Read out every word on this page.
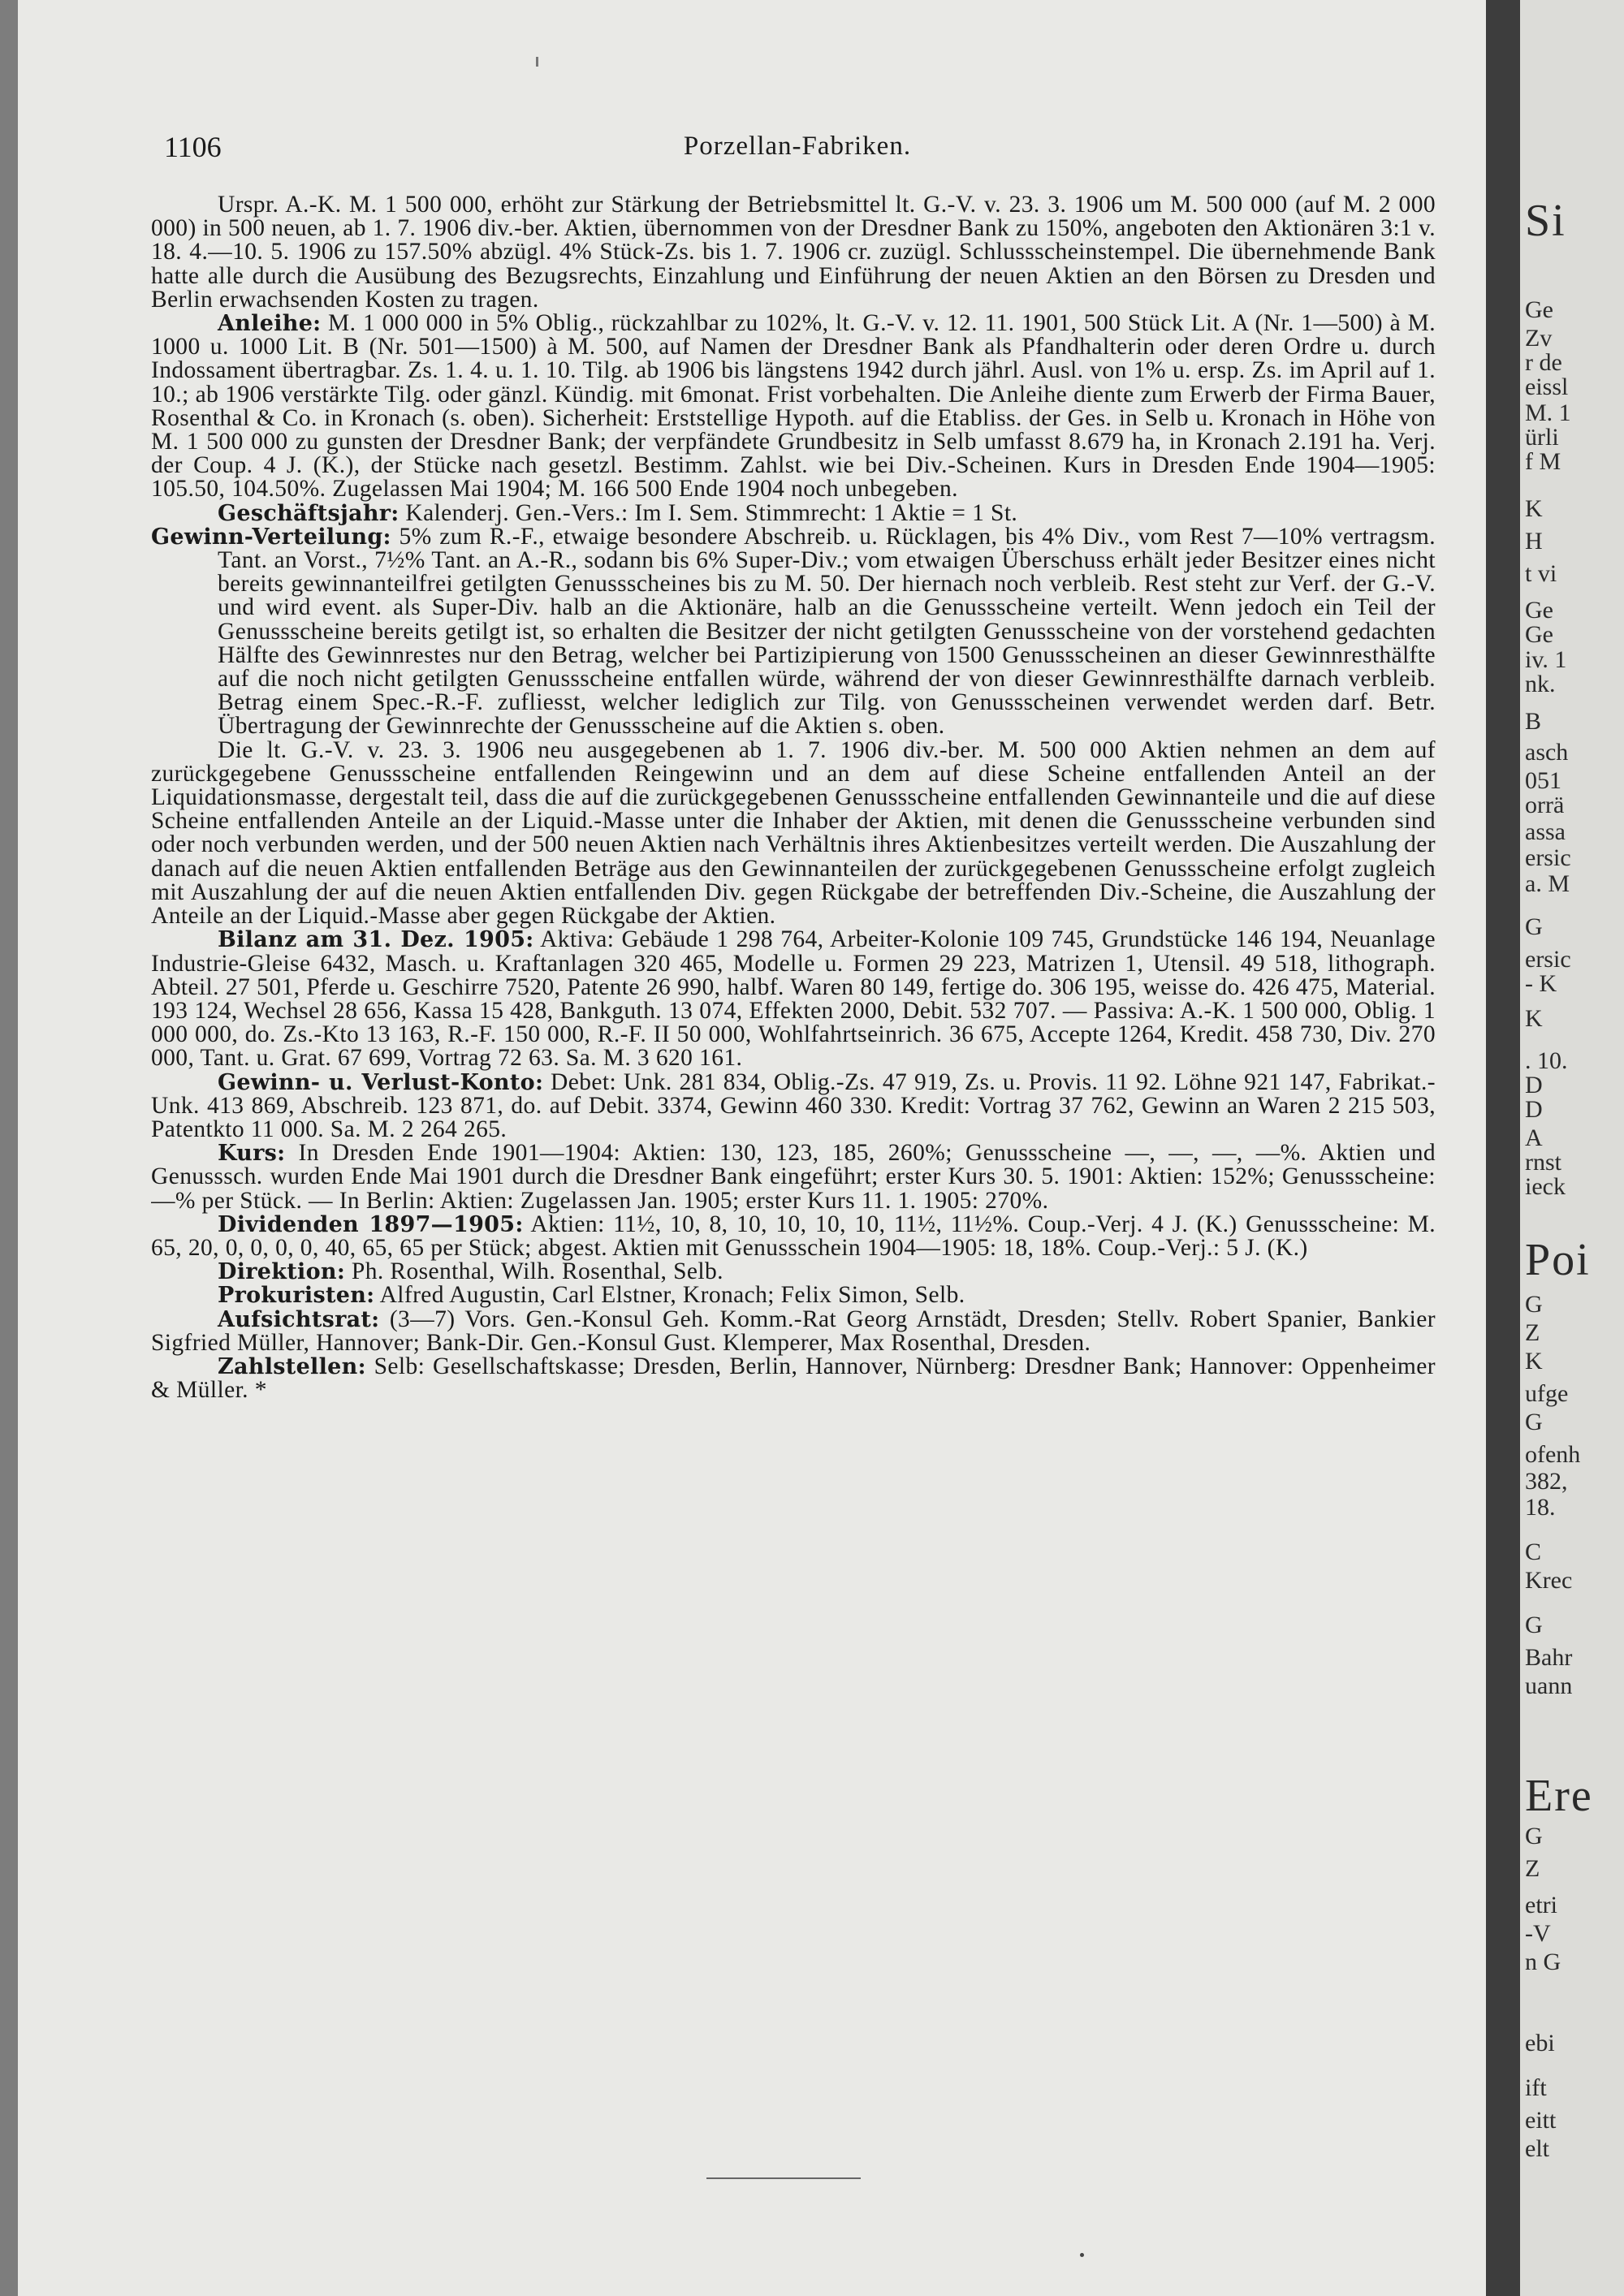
1106	Porzellan-Fabriken.

Urspr. A.-K. M. 1 500 000, erhöht zur Stärkung der Betriebsmittel lt. G.-V. v. 23. 3. 1906 um M. 500 000 (auf M. 2 000 000) in 500 neuen, ab 1. 7. 1906 div.-ber. Aktien, übernommen von der Dresdner Bank zu 150%, angeboten den Aktionären 3:1 v. 18. 4.—10. 5. 1906 zu 157.50% abzügl. 4% Stück-Zs. bis 1. 7. 1906 cr. zuzügl. Schlussscheinstempel. Die übernehmende Bank hatte alle durch die Ausübung des Bezugsrechts, Einzahlung und Einführung der neuen Aktien an den Börsen zu Dresden und Berlin erwachsenden Kosten zu tragen.

Anleihe: M. 1 000 000 in 5% Oblig., rückzahlbar zu 102%, lt. G.-V. v. 12. 11. 1901, 500 Stück Lit. A (Nr. 1—500) à M. 1000 u. 1000 Lit. B (Nr. 501—1500) à M. 500, auf Namen der Dresdner Bank als Pfandhalterin oder deren Ordre u. durch Indossament übertragbar. Zs. 1. 4. u. 1. 10. Tilg. ab 1906 bis längstens 1942 durch jährl. Ausl. von 1% u. ersp. Zs. im April auf 1. 10.; ab 1906 verstärkte Tilg. oder gänzl. Kündig. mit 6monat. Frist vorbehalten. Die Anleihe diente zum Erwerb der Firma Bauer, Rosenthal & Co. in Kronach (s. oben). Sicherheit: Erststellige Hypoth. auf die Etabliss. der Ges. in Selb u. Kronach in Höhe von M. 1 500 000 zu gunsten der Dresdner Bank; der verpfändete Grundbesitz in Selb umfasst 8.679 ha, in Kronach 2.191 ha. Verj. der Coup. 4 J. (K.), der Stücke nach gesetzl. Bestimm. Zahlst. wie bei Div.-Scheinen. Kurs in Dresden Ende 1904—1905: 105.50, 104.50%. Zugelassen Mai 1904; M. 166 500 Ende 1904 noch unbegeben.

Geschäftsjahr: Kalenderj. Gen.-Vers.: Im I. Sem. Stimmrecht: 1 Aktie = 1 St.

Gewinn-Verteilung: 5% zum R.-F., etwaige besondere Abschreib. u. Rücklagen, bis 4% Div., vom Rest 7—10% vertragsm. Tant. an Vorst., 7½% Tant. an A.-R., sodann bis 6% Super-Div.; vom etwaigen Überschuss erhält jeder Besitzer eines nicht bereits gewinnanteilfrei getilgten Genussscheines bis zu M. 50. Der hiernach noch verbleib. Rest steht zur Verf. der G.-V. und wird event. als Super-Div. halb an die Aktionäre, halb an die Genussscheine verteilt. Wenn jedoch ein Teil der Genussscheine bereits getilgt ist, so erhalten die Besitzer der nicht getilgten Genussscheine von der vorstehend gedachten Hälfte des Gewinnrestes nur den Betrag, welcher bei Partizipierung von 1500 Genussscheinen an dieser Gewinnresthälfte auf die noch nicht getilgten Genussscheine entfallen würde, während der von dieser Gewinnresthälfte darnach verbleib. Betrag einem Spec.-R.-F. zufliesst, welcher lediglich zur Tilg. von Genussscheinen verwendet werden darf. Betr. Übertragung der Gewinnrechte der Genussscheine auf die Aktien s. oben.

Die lt. G.-V. v. 23. 3. 1906 neu ausgegebenen ab 1. 7. 1906 div.-ber. M. 500 000 Aktien nehmen an dem auf zurückgegebene Genussscheine entfallenden Reingewinn und an dem auf diese Scheine entfallenden Anteil an der Liquidationsmasse, dergestalt teil, dass die auf die zurückgegebenen Genussscheine entfallenden Gewinnanteile und die auf diese Scheine entfallenden Anteile an der Liquid.-Masse unter die Inhaber der Aktien, mit denen die Genussscheine verbunden sind oder noch verbunden werden, und der 500 neuen Aktien nach Verhältnis ihres Aktienbesitzes verteilt werden. Die Auszahlung der danach auf die neuen Aktien entfallenden Beträge aus den Gewinnanteilen der zurückgegebenen Genussscheine erfolgt zugleich mit Auszahlung der auf die neuen Aktien entfallenden Div. gegen Rückgabe der betreffenden Div.-Scheine, die Auszahlung der Anteile an der Liquid.-Masse aber gegen Rückgabe der Aktien.

Bilanz am 31. Dez. 1905: Aktiva: Gebäude 1 298 764, Arbeiter-Kolonie 109 745, Grundstücke 146 194, Neuanlage Industrie-Gleise 6432, Masch. u. Kraftanlagen 320 465, Modelle u. Formen 29 223, Matrizen 1, Utensil. 49 518, lithograph. Abteil. 27 501, Pferde u. Geschirre 7520, Patente 26 990, halbf. Waren 80 149, fertige do. 306 195, weisse do. 426 475, Material. 193 124, Wechsel 28 656, Kassa 15 428, Bankguth. 13 074, Effekten 2000, Debit. 532 707. — Passiva: A.-K. 1 500 000, Oblig. 1 000 000, do. Zs.-Kto 13 163, R.-F. 150 000, R.-F. II 50 000, Wohlfahrtseinrich. 36 675, Accepte 1264, Kredit. 458 730, Div. 270 000, Tant. u. Grat. 67 699, Vortrag 72 63. Sa. M. 3 620 161.

Gewinn- u. Verlust-Konto: Debet: Unk. 281 834, Oblig.-Zs. 47 919, Zs. u. Provis. 11 92. Löhne 921 147, Fabrikat.-Unk. 413 869, Abschreib. 123 871, do. auf Debit. 3374, Gewinn 460 330. Kredit: Vortrag 37 762, Gewinn an Waren 2 215 503, Patentkto 11 000. Sa. M. 2 264 265.

Kurs: In Dresden Ende 1901—1904: Aktien: 130, 123, 185, 260%; Genussscheine —, —, —, —%. Aktien und Genusssch. wurden Ende Mai 1901 durch die Dresdner Bank eingeführt; erster Kurs 30. 5. 1901: Aktien: 152%; Genussscheine: —% per Stück. — In Berlin: Aktien: Zugelassen Jan. 1905; erster Kurs 11. 1. 1905: 270%.

Dividenden 1897—1905: Aktien: 11½, 10, 8, 10, 10, 10, 10, 11½, 11½%. Coup.-Verj. 4 J. (K.) Genussscheine: M. 65, 20, 0, 0, 0, 0, 40, 65, 65 per Stück; abgest. Aktien mit Genussschein 1904—1905: 18, 18%. Coup.-Verj.: 5 J. (K.)

Direktion: Ph. Rosenthal, Wilh. Rosenthal, Selb.

Prokuristen: Alfred Augustin, Carl Elstner, Kronach; Felix Simon, Selb.

Aufsichtsrat: (3—7) Vors. Gen.-Konsul Geh. Komm.-Rat Georg Arnstädt, Dresden; Stellv. Robert Spanier, Bankier Sigfried Müller, Hannover; Bank-Dir. Gen.-Konsul Gust. Klemperer, Max Rosenthal, Dresden.

Zahlstellen: Selb: Gesellschaftskasse; Dresden, Berlin, Hannover, Nürnberg: Dresdner Bank; Hannover: Oppenheimer & Müller. *

Si
Ge
Zv
r de
eissl
M. 1
ürli
f M
K
H
t vi
Ge
Ge
iv. 1
nk.
B
asch
051
orrä
assa
ersic
a. M
G
ersic
- K
K
. 10.
D
D
A
rnst
ieck
Poi
G
Z
K
ufge
G
ofenh
382,
18.
C
Krec
G
Bahr
uann
Ere
G
Z
etri
-V
n G
ebi
ift
eitt
elt
